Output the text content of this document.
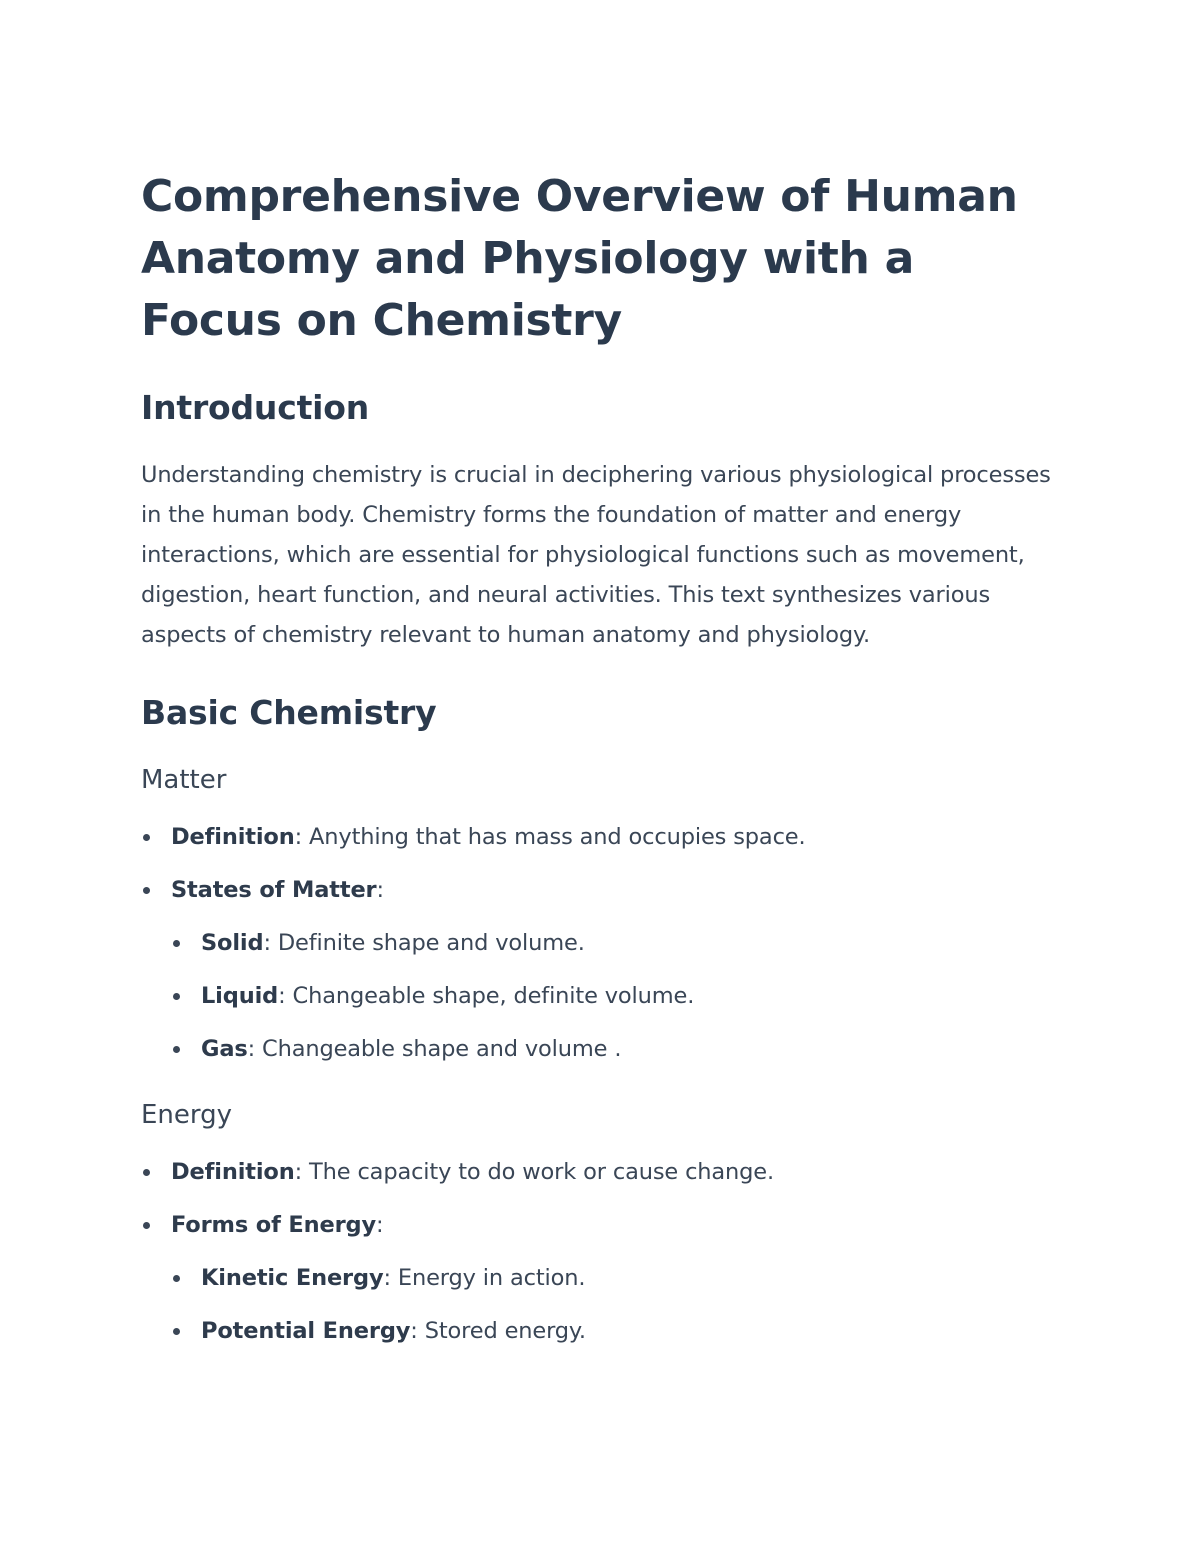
Comprehensive Overview of Human Anatomy and Physiology with a Focus on Chemistry
Introduction

Understanding chemistry is crucial in deciphering various physiological processes in the human body. Chemistry forms the foundation of matter and energy interactions, which are essential for physiological functions such as movement, digestion, heart function, and neural activities. This text synthesizes various aspects of chemistry relevant to human anatomy and physiology.

Basic Chemistry
Matter
Definition: Anything that has mass and occupies space.
States of Matter:
Solid: Definite shape and volume.
Liquid: Changeable shape, definite volume.
Gas: Changeable shape and volume .
Energy
Definition: The capacity to do work or cause change.
Forms of Energy:
Kinetic Energy: Energy in action.
Potential Energy: Stored energy.
